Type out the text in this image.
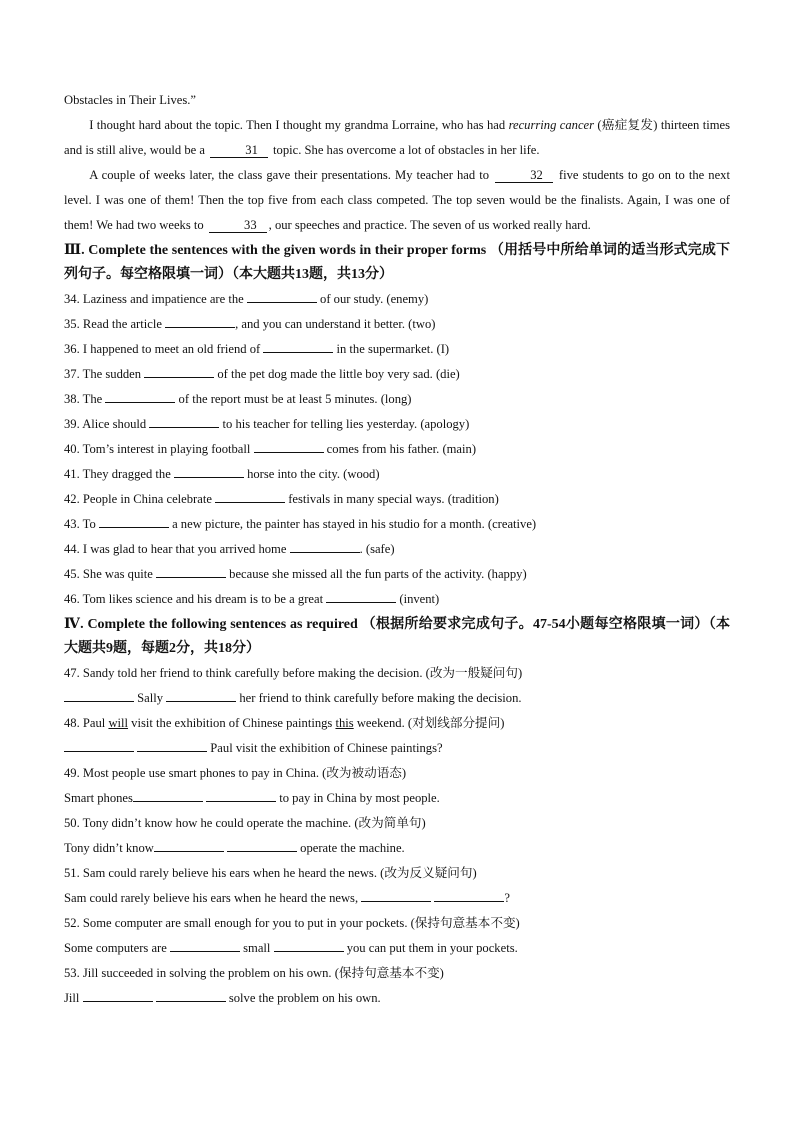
Obstacles in Their Lives.”
I thought hard about the topic. Then I thought my grandma Lorraine, who has had recurring cancer (癌症复发) thirteen times and is still alive, would be a	31 topic. She has overcome a lot of obstacles in her life.
A couple of weeks later, the class gave their presentations. My teacher had to	32 five students to go on to the next level. I was one of them! Then the top five from each class competed. The top seven would be the finalists. Again, I was one of them! We had two weeks to	33 , our speeches and practice. The seven of us worked really hard.
Ⅲ. Complete the sentences with the given words in their proper forms （用括号中所给单词的适当形式完成下列句子。每空格限填一词）（本大题共13题，共13分）
34. Laziness and impatience are the	of our study. (enemy)
35. Read the article	, and you can understand it better. (two)
36. I happened to meet an old friend of	in the supermarket. (I)
37. The sudden	of the pet dog made the little boy very sad. (die)
38. The	of the report must be at least 5 minutes. (long)
39. Alice should	to his teacher for telling lies yesterday. (apology)
40. Tom’s interest in playing football	comes from his father. (main)
41. They dragged the	horse into the city. (wood)
42. People in China celebrate	festivals in many special ways. (tradition)
43. To	a new picture, the painter has stayed in his studio for a month. (creative)
44. I was glad to hear that you arrived home	. (safe)
45. She was quite	because she missed all the fun parts of the activity. (happy)
46. Tom likes science and his dream is to be a great	(invent)
Ⅳ. Complete the following sentences as required （根据所给要求完成句子。47-54小题每空格限填一词）（本大题共9题，每题2分，共18分）
47. Sandy told her friend to think carefully before making the decision. (改为一般疑问句)
Sally	her friend to think carefully before making the decision.
48. Paul will visit the exhibition of Chinese paintings this weekend. (对划线部分提问)
Paul visit the exhibition of Chinese paintings?
49. Most people use smart phones to pay in China. (改为被动语态)
Smart phones	to pay in China by most people.
50. Tony didn’t know how he could operate the machine. (改为简单句)
Tony didn’t know	operate the machine.
51. Sam could rarely believe his ears when he heard the news. (改为反义疑问句)
Sam could rarely believe his ears when he heard the news,	?
52. Some computer are small enough for you to put in your pockets. (保持句意基本不变)
Some computers are	small	you can put them in your pockets.
53. Jill succeeded in solving the problem on his own. (保持句意基本不变)
Jill	solve the problem on his own.
